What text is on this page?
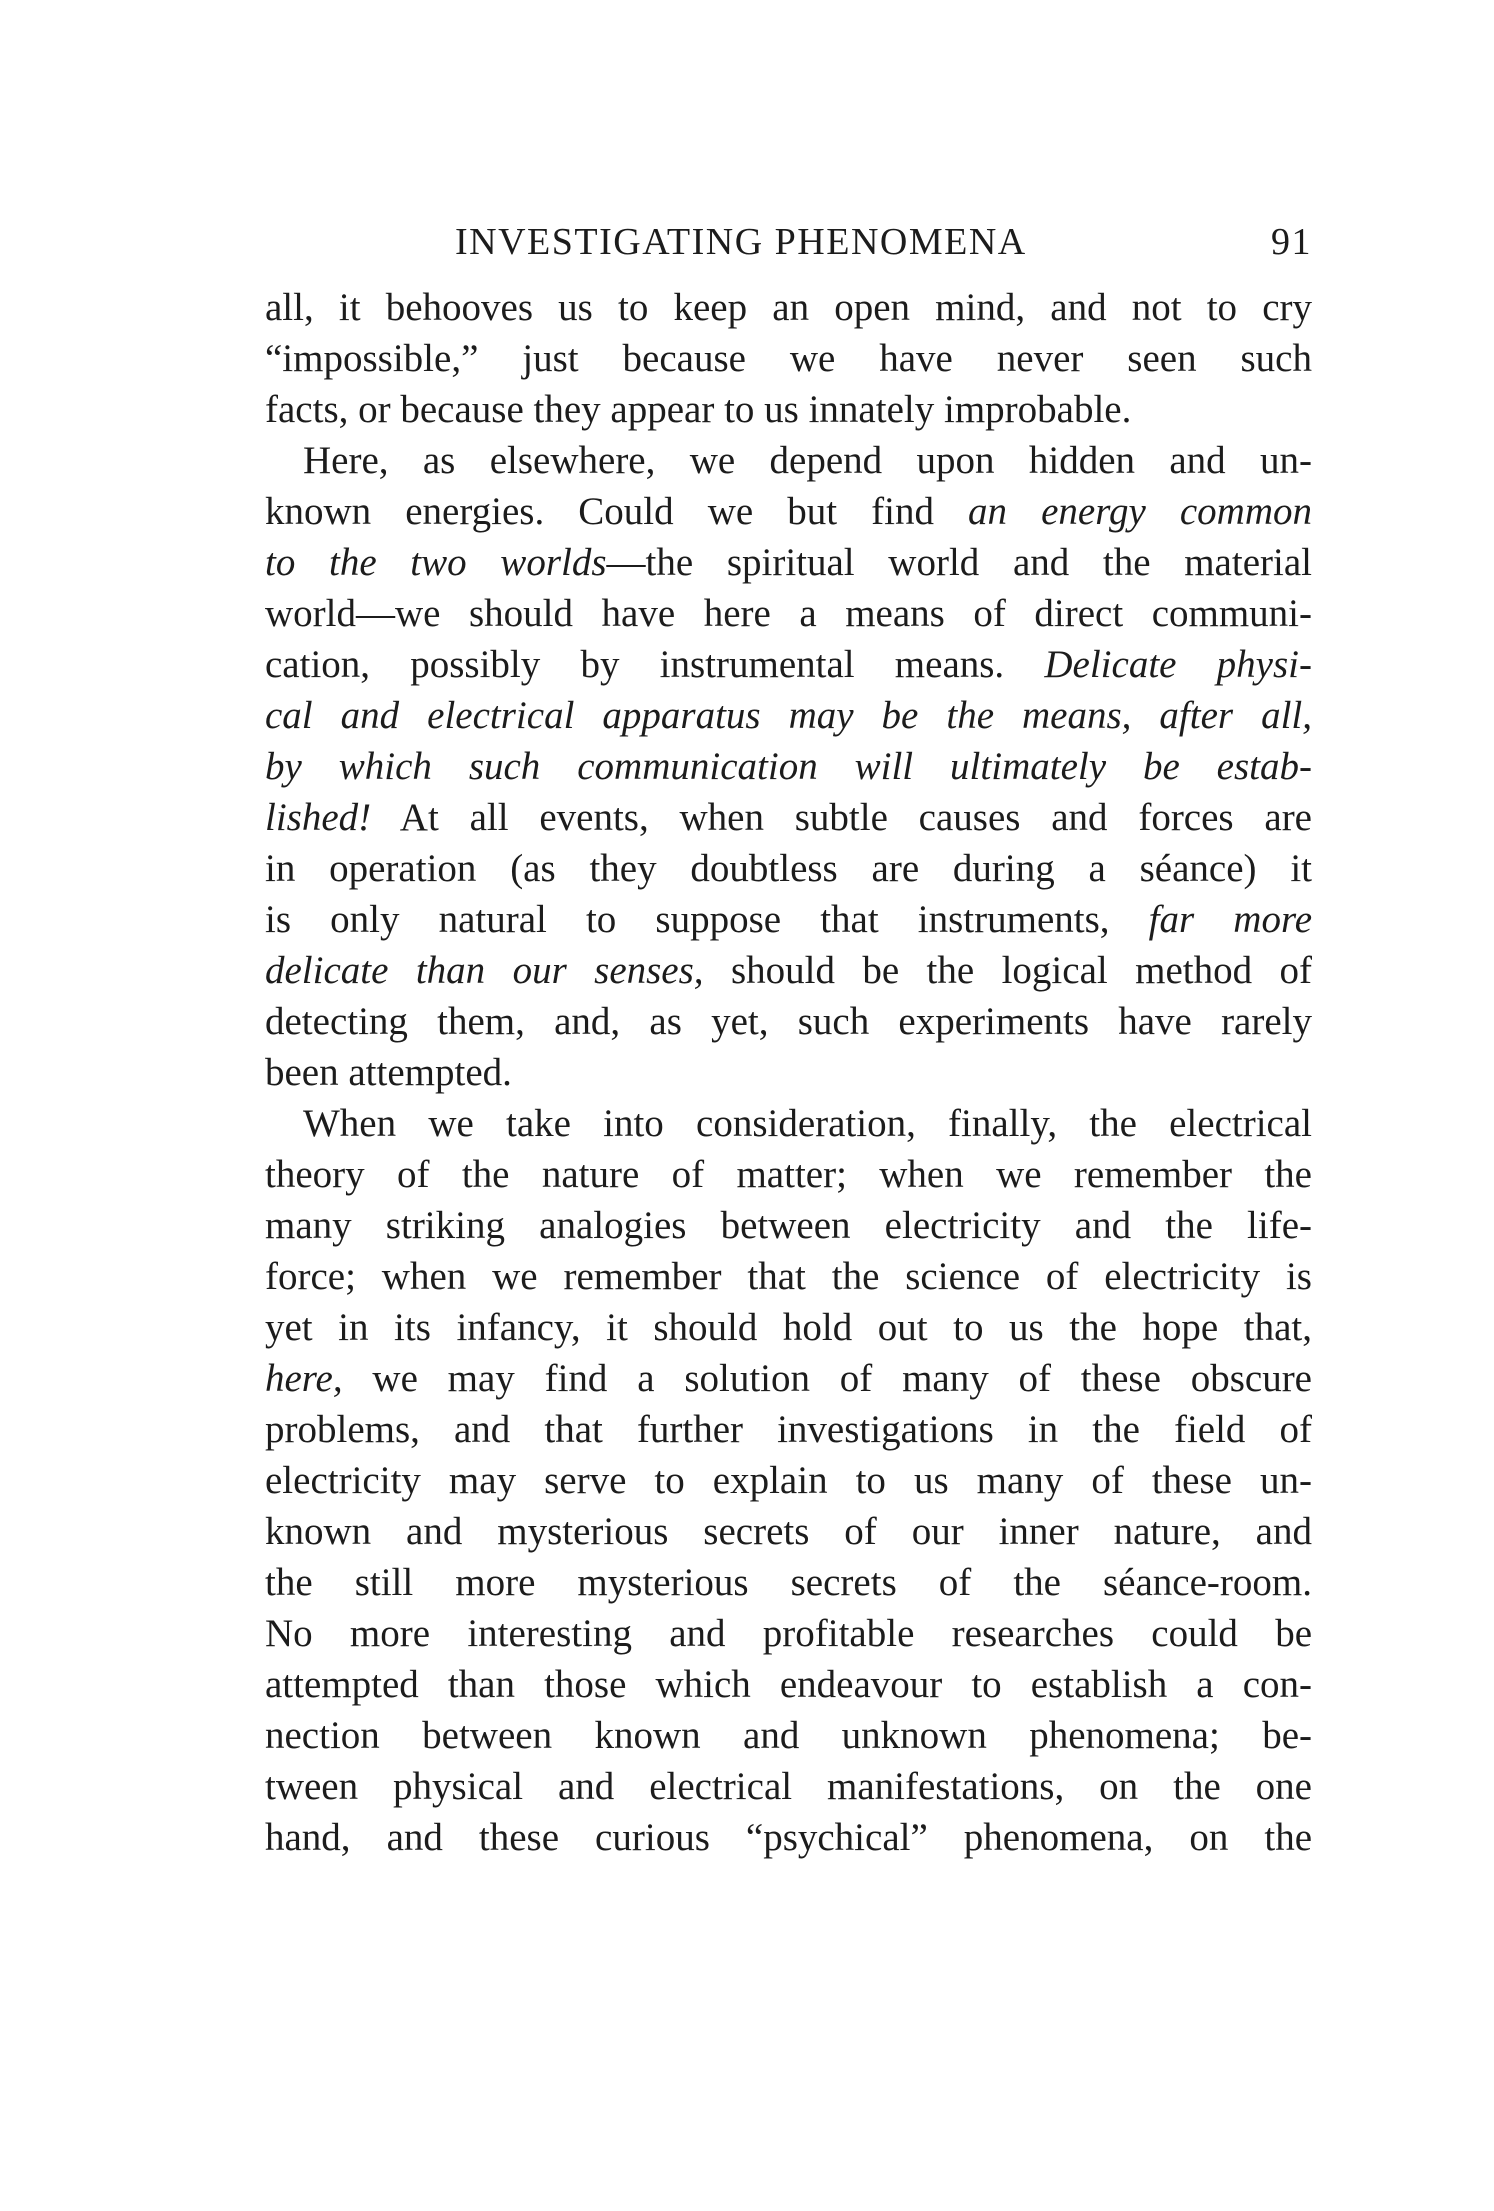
INVESTIGATING PHENOMENA	91
all, it behooves us to keep an open mind, and not to cry
“impossible,” just because we have never seen such
facts, or because they appear to us innately improbable.
Here, as elsewhere, we depend upon hidden and un-
known energies. Could we but find an energy common
to the two worlds—the spiritual world and the material
world—we should have here a means of direct communi-
cation, possibly by instrumental means. Delicate physi-
cal and electrical apparatus may be the means, after all,
by which such communication will ultimately be estab-
lished! At all events, when subtle causes and forces are
in operation (as they doubtless are during a séance) it
is only natural to suppose that instruments, far more
delicate than our senses, should be the logical method of
detecting them, and, as yet, such experiments have rarely
been attempted.
When we take into consideration, finally, the electrical
theory of the nature of matter; when we remember the
many striking analogies between electricity and the life-
force; when we remember that the science of electricity is
yet in its infancy, it should hold out to us the hope that,
here, we may find a solution of many of these obscure
problems, and that further investigations in the field of
electricity may serve to explain to us many of these un-
known and mysterious secrets of our inner nature, and
the still more mysterious secrets of the séance-room.
No more interesting and profitable researches could be
attempted than those which endeavour to establish a con-
nection between known and unknown phenomena; be-
tween physical and electrical manifestations, on the one
hand, and these curious “psychical” phenomena, on the
